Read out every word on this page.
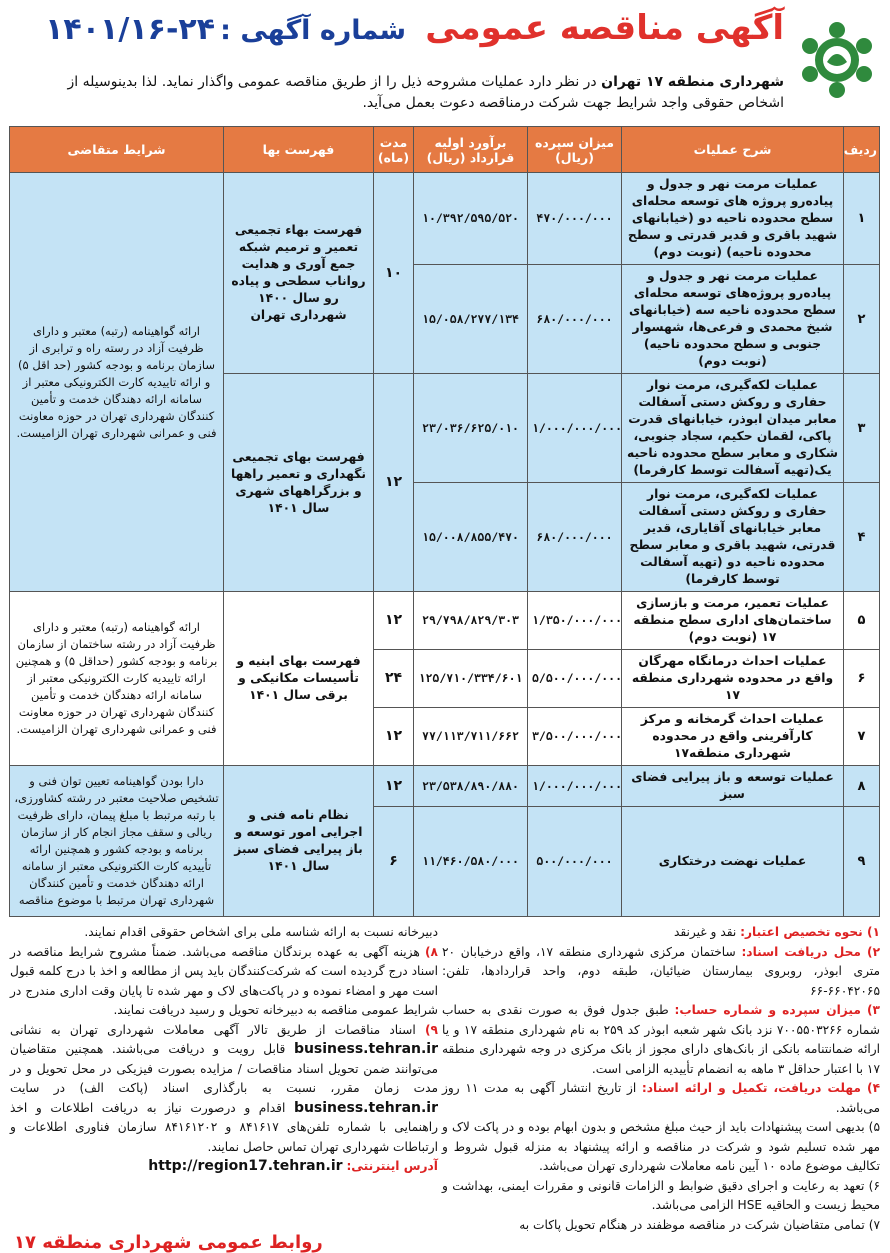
آگهی مناقصه عمومی شماره آگهی : ۲۴-۱۴۰۱/۱۶
شهرداری منطقه ۱۷ تهران در نظر دارد عملیات مشروحه ذیل را از طریق مناقصه عمومی واگذار نماید. لذا بدینوسیله از اشخاص حقوقی واجد شرایط جهت شرکت درمناقصه دعوت بعمل می‌آید.
ردیف	شرح عملیات	میزان سپرده (ریال)	برآورد اولیه قرارداد (ریال)	مدت (ماه)	فهرست بها	شرایط متقاضی
۱	عملیات مرمت نهر و جدول و پیاده‌رو پروژه های توسعه محله‌ای سطح محدوده ناحیه دو (خیابانهای شهید باقری و قدیر قدرتی و سطح محدوده ناحیه) (نوبت دوم)	۴۷۰/۰۰۰/۰۰۰	۱۰/۳۹۲/۵۹۵/۵۲۰	۱۰	فهرست بهاء تجمیعی تعمیر و ترمیم شبکه جمع آوری و هدایت رواناب سطحی و پیاده رو سال ۱۴۰۰ شهرداری تهران	ارائه گواهینامه (رتبه) معتبر و دارای ظرفیت آزاد در رسته راه و ترابری از سازمان برنامه و بودجه کشور (حد اقل ۵) و ارائه تاییدیه کارت الکترونیکی معتبر از سامانه ارائه دهندگان خدمت و تأمین کنندگان شهرداری تهران در حوزه معاونت فنی و عمرانی شهرداری تهران الزامیست.
۲	عملیات مرمت نهر و جدول و پیاده‌رو پروژه‌های توسعه محله‌ای سطح محدوده ناحیه سه (خیابانهای شیخ محمدی و فرعی‌ها، شهسوار جنوبی و سطح محدوده ناحیه) (نوبت دوم)	۶۸۰/۰۰۰/۰۰۰	۱۵/۰۵۸/۲۷۷/۱۳۴			
۳	عملیات لکه‌گیری، مرمت نوار حفاری و روکش دستی آسفالت معابر میدان ابوذر، خیابانهای قدرت پاکی، لقمان حکیم، سجاد جنوبی، شکاری و معابر سطح محدوده ناحیه یک(تهیه آسفالت توسط کارفرما)	۱/۰۰۰/۰۰۰/۰۰۰	۲۳/۰۳۶/۶۲۵/۰۱۰	۱۲	فهرست بهای تجمیعی نگهداری و تعمیر راهها و بزرگراههای شهری سال ۱۴۰۱	
۴	عملیات لکه‌گیری، مرمت نوار حفاری و روکش دستی آسفالت معابر خیابانهای آقایاری، قدیر قدرتی، شهید باقری و معابر سطح محدوده ناحیه دو (تهیه آسفالت توسط کارفرما)	۶۸۰/۰۰۰/۰۰۰	۱۵/۰۰۸/۸۵۵/۴۷۰			
۵	عملیات تعمیر، مرمت و بازسازی ساختمان‌های اداری سطح منطقه ۱۷ (نوبت دوم)	۱/۳۵۰/۰۰۰/۰۰۰	۲۹/۷۹۸/۸۲۹/۳۰۳	۱۲	فهرست بهای ابنیه و تأسیسات مکانیکی و برقی سال ۱۴۰۱	ارائه گواهینامه (رتبه) معتبر و دارای ظرفیت آزاد در رشته ساختمان از سازمان برنامه و بودجه کشور (حداقل ۵) و همچنین ارائه تاییدیه کارت الکترونیکی معتبر از سامانه ارائه دهندگان خدمت و تأمین کنندگان شهرداری تهران در حوزه معاونت فنی و عمرانی شهرداری تهران الزامیست.
۶	عملیات احداث درمانگاه مهرگان واقع در محدوده شهرداری منطقه ۱۷	۵/۵۰۰/۰۰۰/۰۰۰	۱۲۵/۷۱۰/۳۳۴/۶۰۱	۲۴		
۷	عملیات احداث گرمخانه و مرکز کارآفرینی واقع در محدوده شهرداری منطقه۱۷	۳/۵۰۰/۰۰۰/۰۰۰	۷۷/۱۱۳/۷۱۱/۶۶۲	۱۲		
۸	عملیات توسعه و باز پیرایی فضای سبز	۱/۰۰۰/۰۰۰/۰۰۰	۲۳/۵۳۸/۸۹۰/۸۸۰	۱۲	نظام نامه فنی و اجرایی امور توسعه و باز پیرایی فضای سبز سال ۱۴۰۱	دارا بودن گواهینامه تعیین توان فنی و تشخیص صلاحیت معتبر در رشته کشاورزی، با رتبه مرتبط با مبلغ پیمان، دارای ظرفیت ریالی و سقف مجاز انجام کار از سازمان برنامه و بودجه کشور و همچنین ارائه تأییدیه کارت الکترونیکی معتبر از سامانه ارائه دهندگان خدمت و تأمین کنندگان شهرداری تهران مرتبط با موضوع مناقصه
۹	عملیات نهضت درختکاری	۵۰۰/۰۰۰/۰۰۰	۱۱/۴۶۰/۵۸۰/۰۰۰	۶		

۱) نحوه تخصیص اعتبار: نقد و غیرنقد

۲) محل دریافت اسناد: ساختمان مرکزی شهرداری منطقه ۱۷، واقع درخیابان ۲۰ متری ابوذر، روبروی بیمارستان ضیائیان، طبقه دوم، واحد قراردادها، تلفن: ۶۶۰۴۲۰۶۵-۶۶

۳) میزان سپرده و شماره حساب: طبق جدول فوق به صورت نقدی به حساب شماره ۷۰۰۵۵۰۳۲۶۶ نزد بانک شهر شعبه ابوذر کد ۲۵۹ به نام شهرداری منطقه ۱۷ و یا ارائه ضمانتنامه بانکی از بانک‌های دارای مجوز از بانک مرکزی در وجه شهرداری منطقه ۱۷ با اعتبار حداقل ۳ ماهه به انضمام تأییدیه الزامی است.

۴) مهلت دریافت، تکمیل و ارائه اسناد: از تاریخ انتشار آگهی به مدت ۱۱ روز می‌باشد.

۵) بدیهی است پیشنهادات باید از حیث مبلغ مشخص و بدون ابهام بوده و در پاکت لاک و مهر شده تسلیم شود و شرکت در مناقصه و ارائه پیشنهاد به منزله قبول شروط و تکالیف موضوع ماده ۱۰ آیین نامه معاملات شهرداری تهران می‌باشد.

۶) تعهد به رعایت و اجرای دقیق ضوابط و الزامات قانونی و مقررات ایمنی، بهداشت و محیط زیست و الحاقیه HSE الزامی می‌باشد.

۷) تمامی متقاضیان شرکت در مناقصه موظفند در هنگام تحویل پاکات به

دبیرخانه نسبت به ارائه شناسه ملی برای اشخاص حقوقی اقدام نمایند.

۸) هزینه آگهی به عهده برندگان مناقصه می‌باشد. ضمناً مشروح شرایط مناقصه در اسناد درج گردیده است که شرکت‌کنندگان باید پس از مطالعه و اخذ با درج کلمه قبول است مهر و امضاء نموده و در پاکت‌های لاک و مهر شده تا پایان وقت اداری مندرج در شرایط عمومی مناقصه به دبیرخانه تحویل و رسید دریافت نمایند.

۹) اسناد مناقصات از طریق تالار آگهی معاملات شهرداری تهران به نشانی business.tehran.ir قابل رویت و دریافت می‌باشند. همچنین متقاضیان می‌توانند ضمن تحویل اسناد مناقصات / مزایده بصورت فیزیکی در محل تحویل و در مدت زمان مقرر، نسبت به بارگذاری اسناد (پاکت الف) در سایت business.tehran.ir اقدام و درصورت نیاز به دریافت اطلاعات و اخذ راهنمایی با شماره تلفن‌های ۸۴۱۶۱۷ و ۸۴۱۶۱۲۰۲ سازمان فناوری اطلاعات و ارتباطات شهرداری تهران تماس حاصل نمایند.

آدرس اینترنتی: http://region17.tehran.ir

روابط عمومی شهرداری منطقه ۱۷
